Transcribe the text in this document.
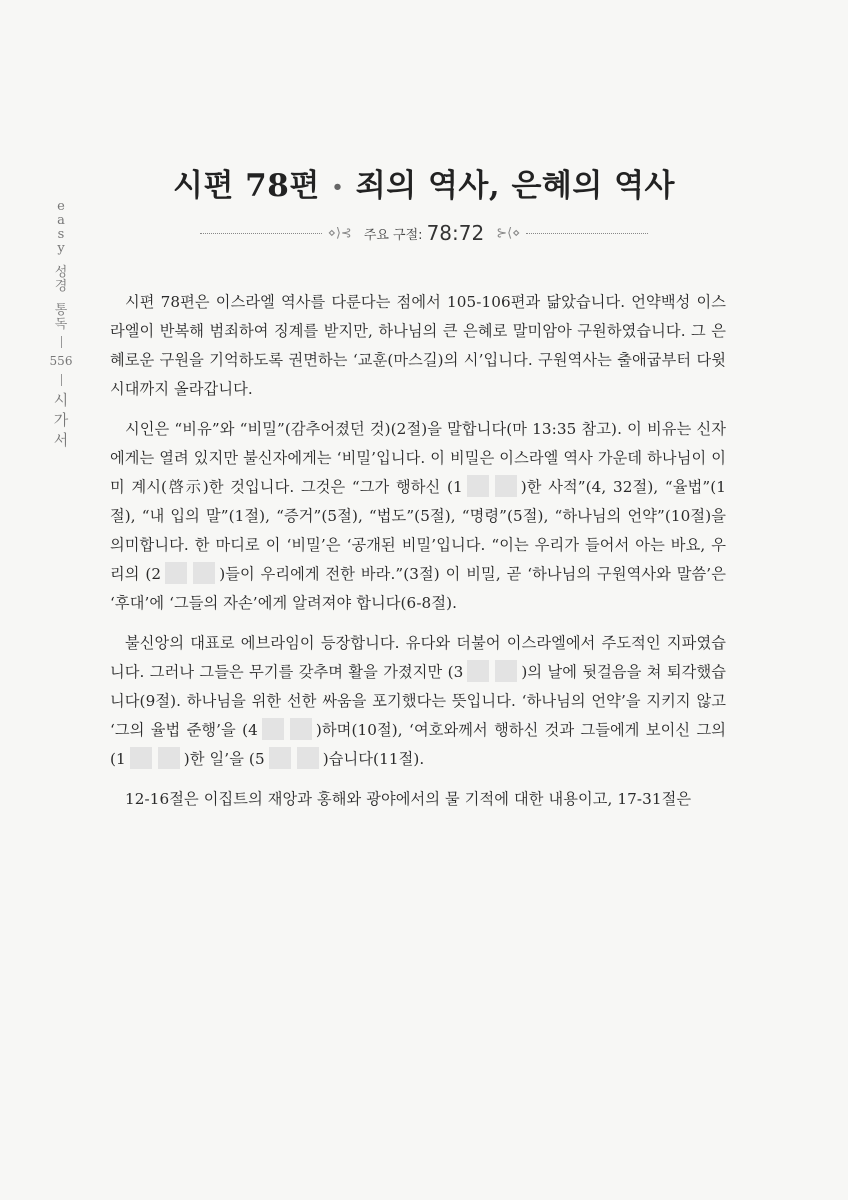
e
a
s
y
성
경
통
독
556
시
가
서
시편 78편 • 죄의 역사, 은혜의 역사
⋄⟩⊰ 주요 구절: 78:72 ⊱⟨⋄

시편 78편은 이스라엘 역사를 다룬다는 점에서 105-106편과 닮았습니다. 언약백성 이스라엘이 반복해 범죄하여 징계를 받지만, 하나님의 큰 은혜로 말미암아 구원하였습니다. 그 은혜로운 구원을 기억하도록 권면하는 ‘교훈(마스길)의 시’입니다. 구원역사는 출애굽부터 다윗 시대까지 올라갑니다.

시인은 “비유”와 “비밀”(감추어졌던 것)(2절)을 말합니다(마 13:35 참고). 이 비유는 신자에게는 열려 있지만 불신자에게는 ‘비밀’입니다. 이 비밀은 이스라엘 역사 가운데 하나님이 이미 계시(啓示)한 것입니다. 그것은 “그가 행하신 (1	)한 사적”(4, 32절), “율법”(1절), “내 입의 말”(1절), “증거”(5절), “법도”(5절), “명령”(5절), “하나님의 언약”(10절)을 의미합니다. 한 마디로 이 ‘비밀’은 ‘공개된 비밀’입니다. “이는 우리가 들어서 아는 바요, 우리의 (2	)들이 우리에게 전한 바라.”(3절) 이 비밀, 곧 ‘하나님의 구원역사와 말씀’은 ‘후대’에 ‘그들의 자손’에게 알려져야 합니다(6-8절).

불신앙의 대표로 에브라임이 등장합니다. 유다와 더불어 이스라엘에서 주도적인 지파였습니다. 그러나 그들은 무기를 갖추며 활을 가졌지만 (3	)의 날에 뒷걸음을 쳐 퇴각했습니다(9절). 하나님을 위한 선한 싸움을 포기했다는 뜻입니다. ‘하나님의 언약’을 지키지 않고 ‘그의 율법 준행’을 (4	)하며(10절), ‘여호와께서 행하신 것과 그들에게 보이신 그의 (1	)한 일’을 (5	)습니다(11절).

12-16절은 이집트의 재앙과 홍해와 광야에서의 물 기적에 대한 내용이고, 17-31절은
